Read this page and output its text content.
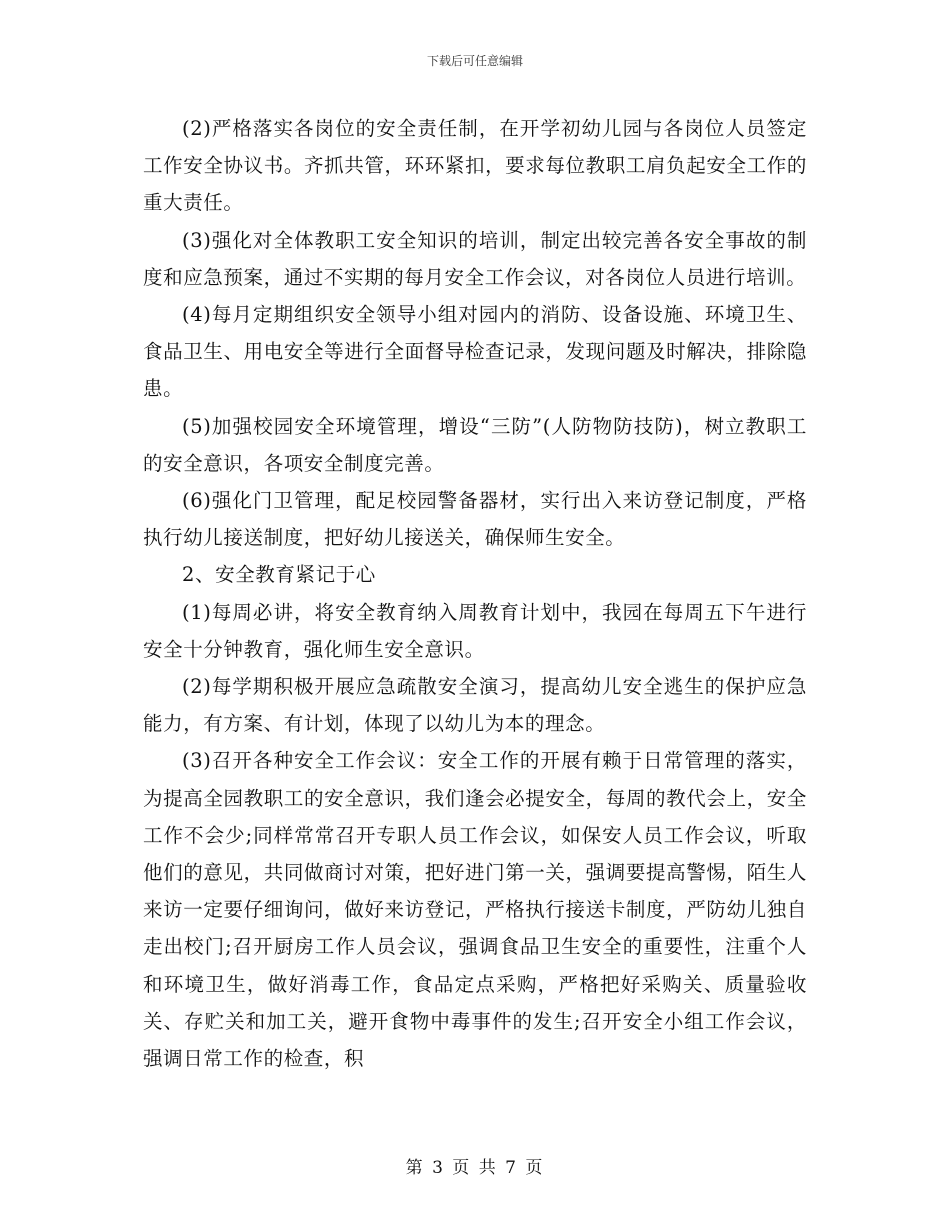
下载后可任意编辑

(2)严格落实各岗位的安全责任制，在开学初幼儿园与各岗位人员签定工作安全协议书。齐抓共管，环环紧扣，要求每位教职工肩负起安全工作的重大责任。

(3)强化对全体教职工安全知识的培训，制定出较完善各安全事故的制度和应急预案，通过不实期的每月安全工作会议，对各岗位人员进行培训。

(4)每月定期组织安全领导小组对园内的消防、设备设施、环境卫生、食品卫生、用电安全等进行全面督导检查记录，发现问题及时解决，排除隐患。

(5)加强校园安全环境管理，增设“三防”(人防物防技防)，树立教职工的安全意识，各项安全制度完善。

(6)强化门卫管理，配足校园警备器材，实行出入来访登记制度，严格执行幼儿接送制度，把好幼儿接送关，确保师生安全。

2、安全教育紧记于心

(1)每周必讲，将安全教育纳入周教育计划中，我园在每周五下午进行安全十分钟教育，强化师生安全意识。

(2)每学期积极开展应急疏散安全演习，提高幼儿安全逃生的保护应急能力，有方案、有计划，体现了以幼儿为本的理念。

(3)召开各种安全工作会议：安全工作的开展有赖于日常管理的落实，为提高全园教职工的安全意识，我们逢会必提安全，每周的教代会上，安全工作不会少;同样常常召开专职人员工作会议，如保安人员工作会议，听取他们的意见，共同做商讨对策，把好进门第一关，强调要提高警惕，陌生人来访一定要仔细询问，做好来访登记，严格执行接送卡制度，严防幼儿独自走出校门;召开厨房工作人员会议，强调食品卫生安全的重要性，注重个人和环境卫生，做好消毒工作，食品定点采购，严格把好采购关、质量验收关、存贮关和加工关，避开食物中毒事件的发生;召开安全小组工作会议，强调日常工作的检查，积

第 3 页 共 7 页
